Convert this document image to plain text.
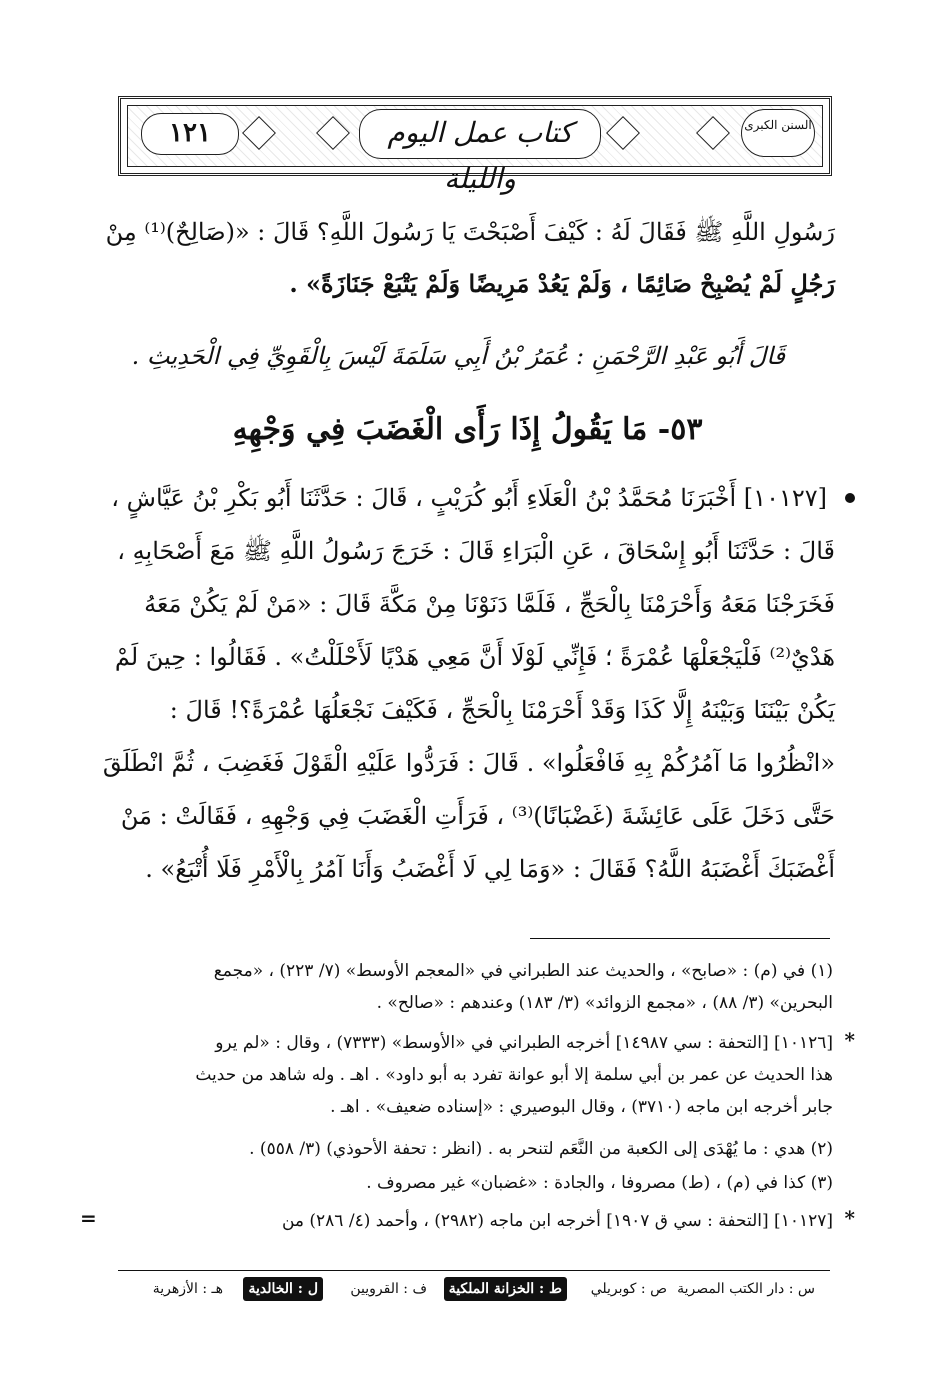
١٢١	كتاب عمل اليوم والليلة
السنن الكبرى
رَسُولِ اللَّهِ ﷺ فَقَالَ لَهُ : كَيْفَ أَصْبَحْتَ يَا رَسُولَ اللَّهِ؟ قَالَ : «(صَالِحٌ)⁽¹⁾ مِنْ
رَجُلٍ لَمْ يُصْبِحْ صَائِمًا ، وَلَمْ يَعُدْ مَرِيضًا وَلَمْ يَتْبَعْ جَنَازَةً» .
قَالَ أَبُو عَبْدِ الرَّحْمَنِ : عُمَرُ بْنُ أَبِي سَلَمَةَ لَيْسَ بِالْقَوِيِّ فِي الْحَدِيثِ .
٥٣- مَا يَقُولُ إِذَا رَأَى الْغَضَبَ فِي وَجْهِهِ
[١٠١٢٧] أَخْبَرَنَا مُحَمَّدُ بْنُ الْعَلَاءِ أَبُو كُرَيْبٍ ، قَالَ : حَدَّثَنَا أَبُو بَكْرِ بْنُ عَيَّاشٍ ،
قَالَ : حَدَّثَنَا أَبُو إِسْحَاقَ ، عَنِ الْبَرَاءِ قَالَ : خَرَجَ رَسُولُ اللَّهِ ﷺ مَعَ أَصْحَابِهِ ،
فَخَرَجْنَا مَعَهُ وَأَحْرَمْنَا بِالْحَجِّ ، فَلَمَّا دَنَوْنَا مِنْ مَكَّةَ قَالَ : «مَنْ لَمْ يَكُنْ مَعَهُ
هَدْيٌ⁽²⁾ فَلْيَجْعَلْهَا عُمْرَةً ؛ فَإِنِّي لَوْلَا أَنَّ مَعِي هَدْيًا لَأَحْلَلْتُ» . فَقَالُوا : حِينَ لَمْ
يَكُنْ بَيْنَنَا وَبَيْنَهُ إِلَّا كَذَا وَقَدْ أَحْرَمْنَا بِالْحَجِّ ، فَكَيْفَ نَجْعَلُهَا عُمْرَةً؟! قَالَ :
«انْظُرُوا مَا آمُرُكُمْ بِهِ فَافْعَلُوا» . قَالَ : فَرَدُّوا عَلَيْهِ الْقَوْلَ فَغَضِبَ ، ثُمَّ انْطَلَقَ
حَتَّى دَخَلَ عَلَى عَائِشَةَ (غَضْبَانًا)⁽³⁾ ، فَرَأَتِ الْغَضَبَ فِي وَجْهِهِ ، فَقَالَتْ : مَنْ
أَغْضَبَكَ أَغْضَبَهُ اللَّهُ؟ فَقَالَ : «وَمَا لِي لَا أَغْضَبُ وَأَنَا آمُرُ بِالْأَمْرِ فَلَا أُتْبَعُ» .
(١) في (م) : «صابح» ، والحديث عند الطبراني في «المعجم الأوسط» (٧/ ٢٢٣) ، «مجمع
البحرين» (٣/ ٨٨) ، «مجمع الزوائد» (٣/ ١٨٣) وعندهم : «صالح» .
*
[١٠١٢٦] [التحفة : سي ١٤٩٨٧] أخرجه الطبراني في «الأوسط» (٧٣٣٣) ، وقال : «لم يرو
هذا الحديث عن عمر بن أبي سلمة إلا أبو عوانة تفرد به أبو داود» . اهـ . وله شاهد من حديث
جابر أخرجه ابن ماجه (٣٧١٠) ، وقال البوصيري : «إسناده ضعيف» . اهـ .
(٢) هدي : ما يُهْدَى إلى الكعبة من النَّعَم لتنحر به . (انظر : تحفة الأحوذي) (٣/ ٥٥٨) .
(٣) كذا في (م) ، (ط) مصروفا ، والجادة : «غضبان» غير مصروف .
*
[١٠١٢٧] [التحفة : سي ق ١٩٠٧] أخرجه ابن ماجه (٢٩٨٢) ، وأحمد (٤/ ٢٨٦) من
=
س : دار الكتب المصرية
ص : كوبريلي
ط : الخزانة الملكية
ف : القرويين
ل : الخالدية
هـ : الأزهرية
